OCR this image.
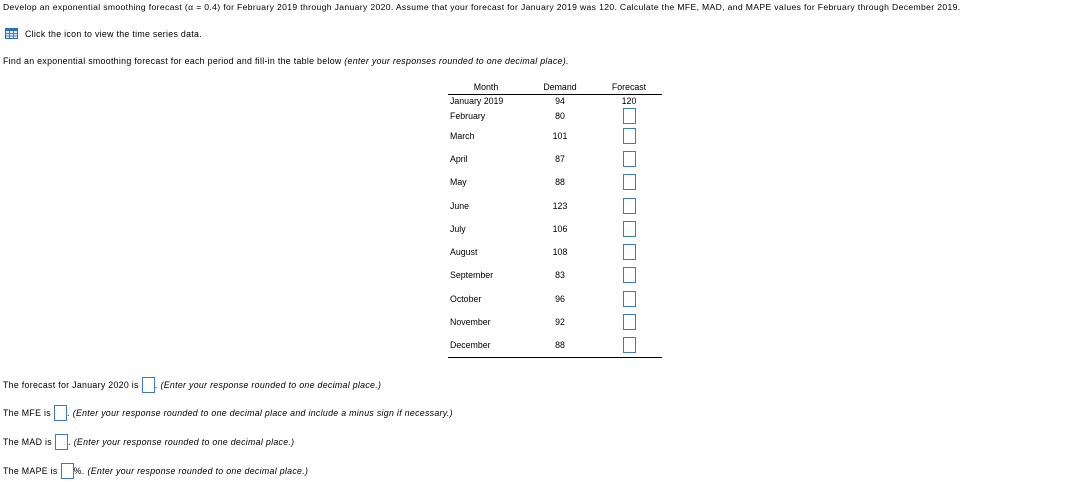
Develop an exponential smoothing forecast (α = 0.4) for February 2019 through January 2020. Assume that your forecast for January 2019 was 120. Calculate the MFE, MAD, and MAPE values for February through December 2019.
Click the icon to view the time series data.
Find an exponential smoothing forecast for each period and fill-in the table below (enter your responses rounded to one decimal place).
Month	Demand	Forecast
January 2019	94	120
February	80	
March	101	
April	87	
May	88	
June	123	
July	106	
August	108	
September	83	
October	96	
November	92	
December	88	
The forecast for January 2020 is . (Enter your response rounded to one decimal place.)
The MFE is . (Enter your response rounded to one decimal place and include a minus sign if necessary.)
The MAD is . (Enter your response rounded to one decimal place.)
The MAPE is %. (Enter your response rounded to one decimal place.)
